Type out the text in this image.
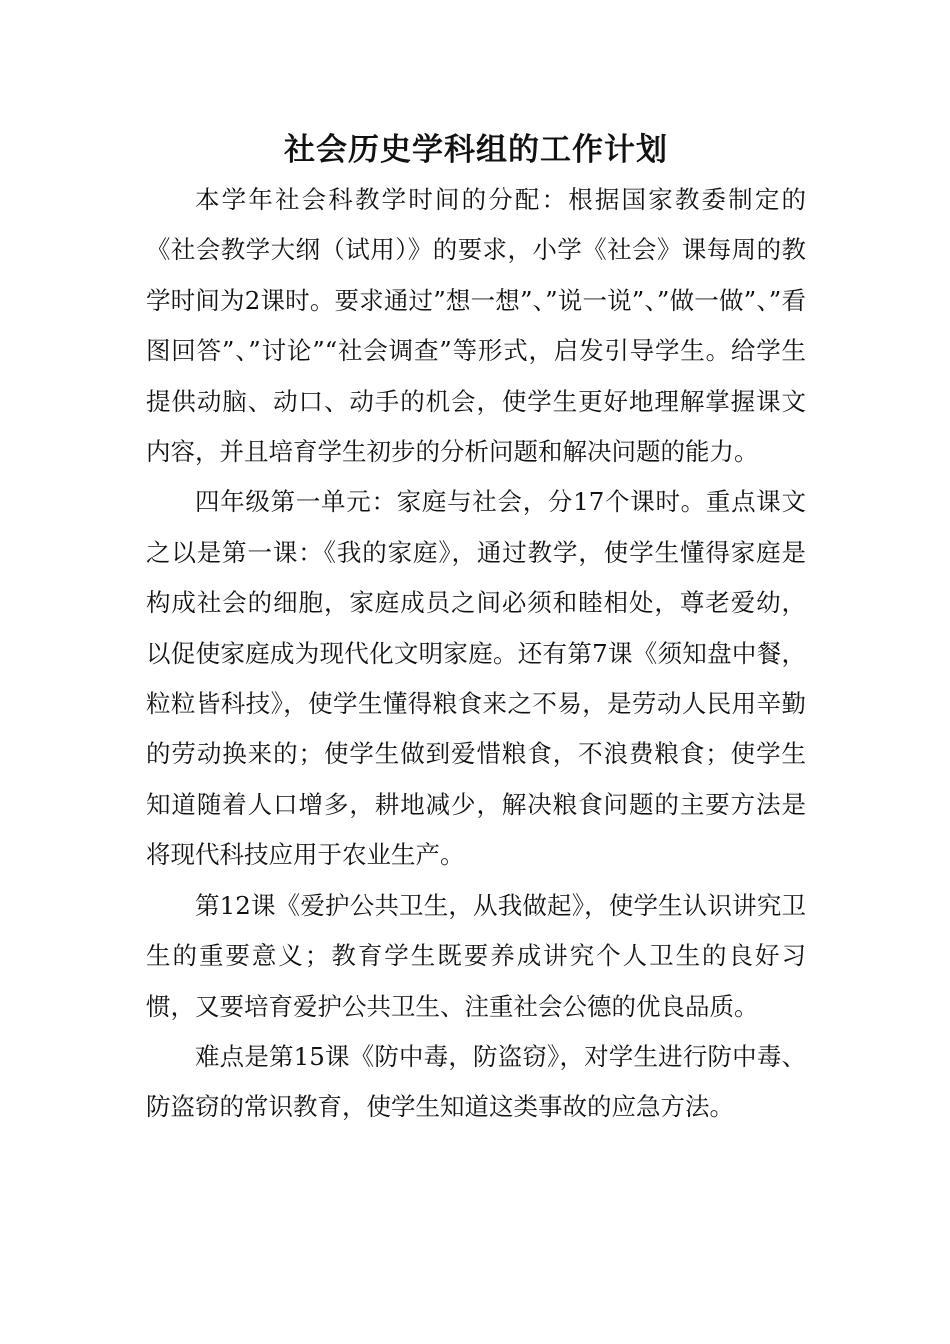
社会历史学科组的工作计划

本学年社会科教学时间的分配：根据国家教委制定的《社会教学大纲（试用）》的要求，小学《社会》课每周的教学时间为2课时。要求通过”想一想”、”说一说”、”做一做”、”看图回答”、”讨论”“社会调查”等形式，启发引导学生。给学生提供动脑、动口、动手的机会，使学生更好地理解掌握课文内容，并且培育学生初步的分析问题和解决问题的能力。

四年级第一单元：家庭与社会，分17个课时。重点课文之以是第一课：《我的家庭》，通过教学，使学生懂得家庭是构成社会的细胞，家庭成员之间必须和睦相处，尊老爱幼，以促使家庭成为现代化文明家庭。还有第7课《须知盘中餐，粒粒皆科技》，使学生懂得粮食来之不易，是劳动人民用辛勤的劳动换来的；使学生做到爱惜粮食，不浪费粮食；使学生知道随着人口增多，耕地减少，解决粮食问题的主要方法是将现代科技应用于农业生产。

第12课《爱护公共卫生，从我做起》，使学生认识讲究卫生的重要意义；教育学生既要养成讲究个人卫生的良好习惯，又要培育爱护公共卫生、注重社会公德的优良品质。

难点是第15课《防中毒，防盗窃》，对学生进行防中毒、防盗窃的常识教育，使学生知道这类事故的应急方法。
